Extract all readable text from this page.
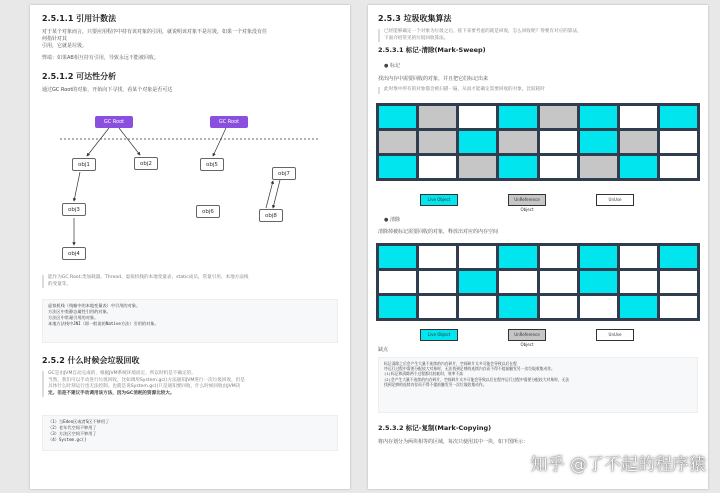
2.5.1.1 引用计数法
对于某个对象而言，只要应用程序中持有该对象的引用，就说明该对象不是垃圾，如果一个对象没有任
何指针对其
引用，它就是垃圾。
弊端：如果AB相互持有引用，导致永远不能被回收。
2.5.1.2 可达性分析
通过GC Root的对象，开始向下寻找，看某个对象是否可达
GC Root	GC Root
obj1	obj2
obj3
obj4
obj5
obj6
obj7
obj8
能作为GC Root:类加载器、Thread、虚拟机栈的本地变量表、static成员、常量引用、本地方法栈
的变量等。
虚拟机栈（栈帧中的本地变量表）中引用的对象。
方法区中类静态属性引用的对象。
方法区中常量引用的对象。
本地方法栈中JNI（即一般说的Native方法）引用的对象。
2.5.2 什么时候会垃圾回收
GC是由JVM自动完成的，根据JVM系统环境而定，所以时机是不确定的。
当然，我们可以手动进行垃圾回收，比如调用System.gc()方法通知JVM进行一次垃圾回收，但是
具体什么时刻运行也无法控制。也就是说System.gc()只是通知要回收，什么时候回收由JVM决
定。但是不建议手动调用该方法，因为GC消耗的资源比较大。
（1）当Eden区或者S区不够用了
（2）老年代空间不够用了
（3）方法区空间不够用了
（4）System.gc()
2.5.3 垃圾收集算法
已经能够确定一个对象为垃圾之后，接下来要考虑的就是回收，怎么回收呢？得要有对应的算法，
下面介绍常见的垃圾回收算法。
2.5.3.1 标记-清除(Mark-Sweep)
● 标记
找出内存中需要回收的对象，并且把它们标记出来
此时堆中所有的对象都会被扫描一遍，从而才能确定需要回收的对象，比较耗时
Live Object	UnReference Object
UnUse
● 清除
清除掉被标记需要回收的对象，释放出对应的内存空间
Live Object	UnReference Object
UnUse
缺点
标记清除之后会产生大量不连续的内存碎片，空间碎片太多可能会导致以后在程
序运行过程中需要分配较大对象时，无法找到足够的连续内存而不得不提前触发另一次垃圾收集动作。
(1)标记和清除两个过程都比较耗时，效率不高
(2)会产生大量不连续的内存碎片，空间碎片太多可能会导致以后在程序运行过程中需要分配较大对象时，无法
找到足够的连续内存而不得不提前触发另一次垃圾收集动作。
2.5.3.2 标记-复制(Mark-Copying)
将内存划分为两块相等的区域，每次只使用其中一块，如下图所示：
知乎 @了不起的程序猿
